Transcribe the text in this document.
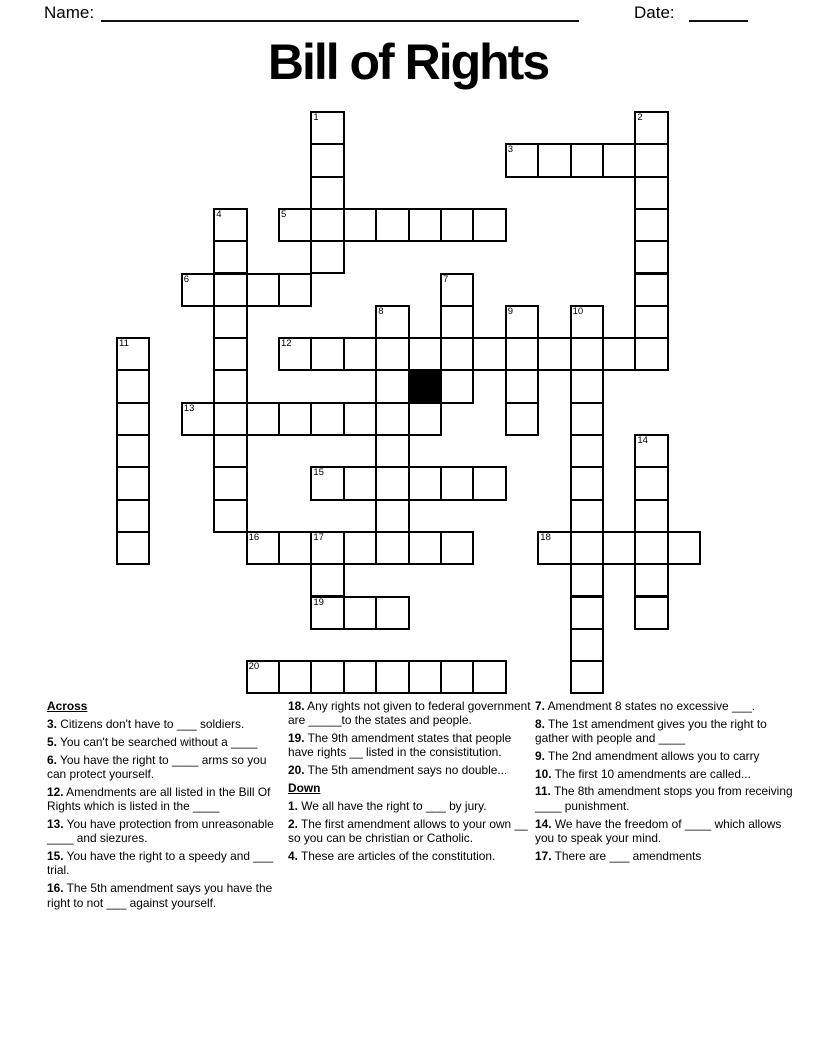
Name:	Date:
Bill of Rights
1	2
3
4	5
6	7
8	9	10
11	12
13
14
15
16	17	18
19
20
Across

3. Citizens don't have to ___ soldiers.

5. You can't be searched without a ____

6. You have the right to ____ arms so you can protect yourself.

12. Amendments are all listed in the Bill Of Rights which is listed in the ____

13. You have protection from unreasonable ____ and siezures.

15. You have the right to a speedy and ___ trial.

16. The 5th amendment says you have the right to not ___ against yourself.

18. Any rights not given to federal government are _____to the states and people.

19. The 9th amendment states that people have rights __ listed in the consistitution.

20. The 5th amendment says no double...

Down

1. We all have the right to ___ by jury.

2. The first amendment allows to your own __ so you can be christian or Catholic.

4. These are articles of the constitution.

7. Amendment 8 states no excessive ___.

8. The 1st amendment gives you the right to gather with people and ____

9. The 2nd amendment allows you to carry

10. The first 10 amendments are called...

11. The 8th amendment stops you from receiving ____ punishment.

14. We have the freedom of ____ which allows you to speak your mind.

17. There are ___ amendments
